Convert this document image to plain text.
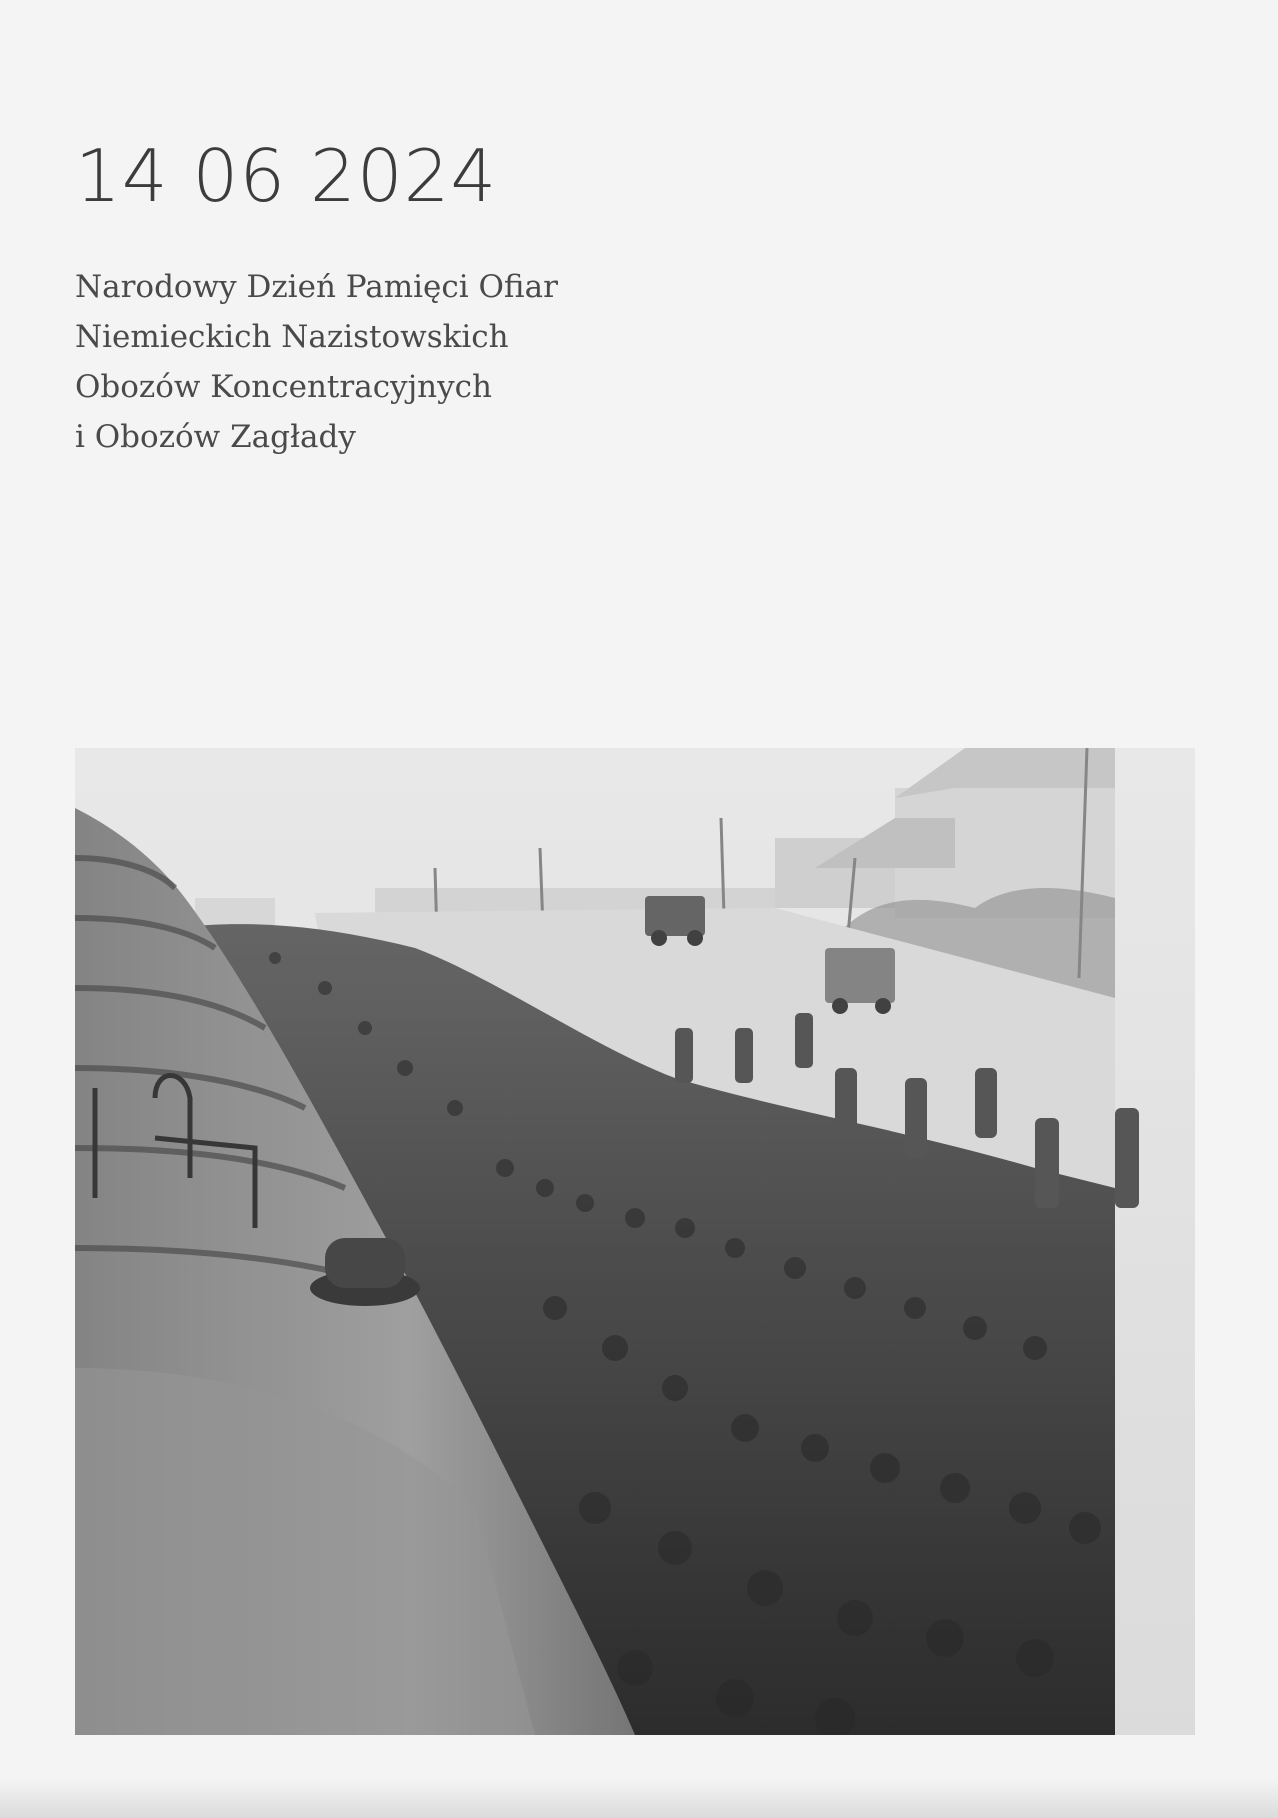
14 06 2024

Narodowy Dzień Pamięci Ofiar
Niemieckich Nazistowskich
Obozów Koncentracyjnych
i Obozów Zagłady
